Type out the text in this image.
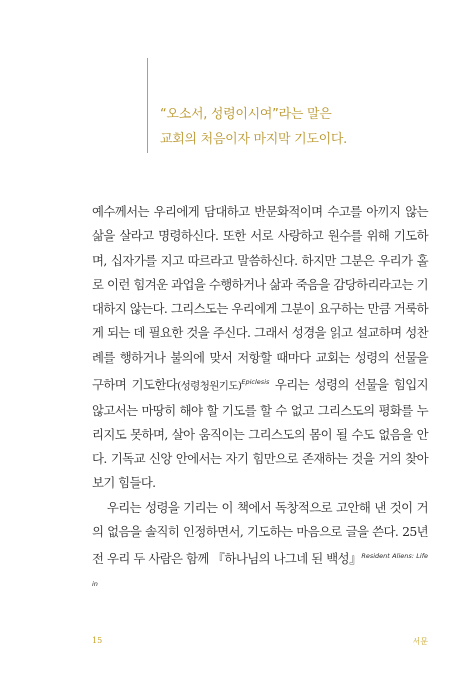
“오소서, 성령이시여”라는 말은
교회의 처음이자 마지막 기도이다.

예수께서는 우리에게 담대하고 반문화적이며 수고를 아끼지 않는 삶을 살라고 명령하신다. 또한 서로 사랑하고 원수를 위해 기도하며, 십자가를 지고 따르라고 말씀하신다. 하지만 그분은 우리가 홀로 이런 힘겨운 과업을 수행하거나 삶과 죽음을 감당하리라고는 기대하지 않는다. 그리스도는 우리에게 그분이 요구하는 만큼 거룩하게 되는 데 필요한 것을 주신다. 그래서 성경을 읽고 설교하며 성찬례를 행하거나 불의에 맞서 저항할 때마다 교회는 성령의 선물을 구하며 기도한다(성령청원기도)$^{Epiclesis}$ 우리는 성령의 선물을 힘입지 않고서는 마땅히 해야 할 기도를 할 수 없고 그리스도의 평화를 누리지도 못하며, 살아 움직이는 그리스도의 몸이 될 수도 없음을 안다. 기독교 신앙 안에서는 자기 힘만으로 존재하는 것을 거의 찾아보기 힘들다.

우리는 성령을 기리는 이 책에서 독창적으로 고안해 낸 것이 거의 없음을 솔직히 인정하면서, 기도하는 마음으로 글을 쓴다. 25년 전 우리 두 사람은 함께 『하나님의 나그네 된 백성』$^{Resident Aliens: Life in}$

15	서문
